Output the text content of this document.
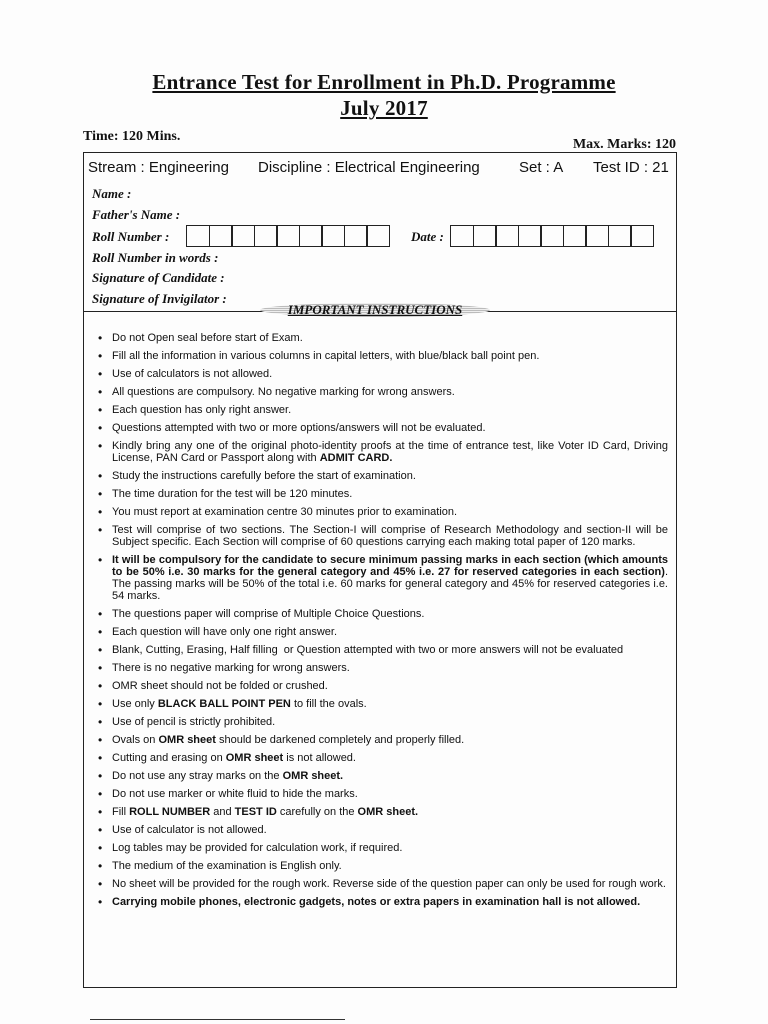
Entrance Test for Enrollment in Ph.D. Programme
July 2017
Time: 120 Mins.
Max. Marks: 120
Stream : Engineering Discipline : Electrical Engineering	Set : A Test ID : 21
Name :
Father's Name :
Roll Number :	Date :
Roll Number in words :
Signature of Candidate :
Signature of Invigilator :
IMPORTANT INSTRUCTIONS
• Do not Open seal before start of Exam.
• Fill all the information in various columns in capital letters, with blue/black ball point pen.
• Use of calculators is not allowed.
• All questions are compulsory. No negative marking for wrong answers.
• Each question has only right answer.
• Questions attempted with two or more options/answers will not be evaluated.
• Kindly bring any one of the original photo-identity proofs at the time of entrance test, like Voter ID Card, Driving License, PAN Card or Passport along with ADMIT CARD.
• Study the instructions carefully before the start of examination.
• The time duration for the test will be 120 minutes.
• You must report at examination centre 30 minutes prior to examination.
• Test will comprise of two sections. The Section-I will comprise of Research Methodology and section-II will be Subject specific. Each Section will comprise of 60 questions carrying each making total paper of 120 marks.
• It will be compulsory for the candidate to secure minimum passing marks in each section (which amounts to be 50% i.e. 30 marks for the general category and 45% i.e. 27 for reserved categories in each section). The passing marks will be 50% of the total i.e. 60 marks for general category and 45% for reserved categories i.e. 54 marks.
• The questions paper will comprise of Multiple Choice Questions.
• Each question will have only one right answer.
• Blank, Cutting, Erasing, Half filling  or Question attempted with two or more answers will not be evaluated
• There is no negative marking for wrong answers.
• OMR sheet should not be folded or crushed.
• Use only BLACK BALL POINT PEN to fill the ovals.
• Use of pencil is strictly prohibited.
• Ovals on OMR sheet should be darkened completely and properly filled.
• Cutting and erasing on OMR sheet is not allowed.
• Do not use any stray marks on the OMR sheet.
• Do not use marker or white fluid to hide the marks.
• Fill ROLL NUMBER and TEST ID carefully on the OMR sheet.
• Use of calculator is not allowed.
• Log tables may be provided for calculation work, if required.
• The medium of the examination is English only.
• No sheet will be provided for the rough work. Reverse side of the question paper can only be used for rough work.
• Carrying mobile phones, electronic gadgets, notes or extra papers in examination hall is not allowed.
